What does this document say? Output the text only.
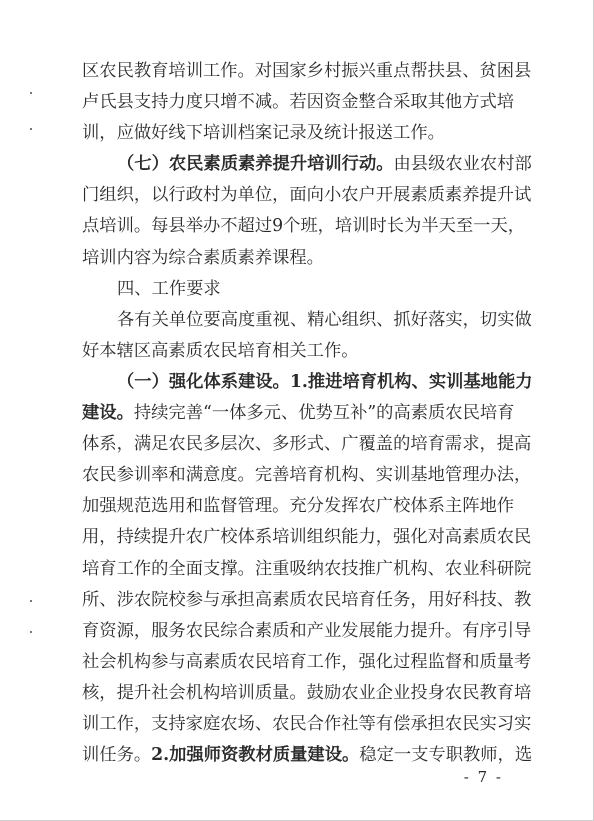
区农民教育培训工作。对国家乡村振兴重点帮扶县、贫困县
卢氏县支持力度只增不减。若因资金整合采取其他方式培
训，应做好线下培训档案记录及统计报送工作。
（七）农民素质素养提升培训行动。由县级农业农村部
门组织，以行政村为单位，面向小农户开展素质素养提升试
点培训。每县举办不超过9个班，培训时长为半天至一天，
培训内容为综合素质素养课程。
四、工作要求
各有关单位要高度重视、精心组织、抓好落实，切实做
好本辖区高素质农民培育相关工作。
（一）强化体系建设。1.推进培育机构、实训基地能力
建设。持续完善“一体多元、优势互补”的高素质农民培育
体系，满足农民多层次、多形式、广覆盖的培育需求，提高
农民参训率和满意度。完善培育机构、实训基地管理办法，
加强规范选用和监督管理。充分发挥农广校体系主阵地作
用，持续提升农广校体系培训组织能力，强化对高素质农民
培育工作的全面支撑。注重吸纳农技推广机构、农业科研院
所、涉农院校参与承担高素质农民培育任务，用好科技、教
育资源，服务农民综合素质和产业发展能力提升。有序引导
社会机构参与高素质农民培育工作，强化过程监督和质量考
核，提升社会机构培训质量。鼓励农业企业投身农民教育培
训工作，支持家庭农场、农民合作社等有偿承担农民实习实
训任务。2.加强师资教材质量建设。稳定一支专职教师，选
- 7 -
